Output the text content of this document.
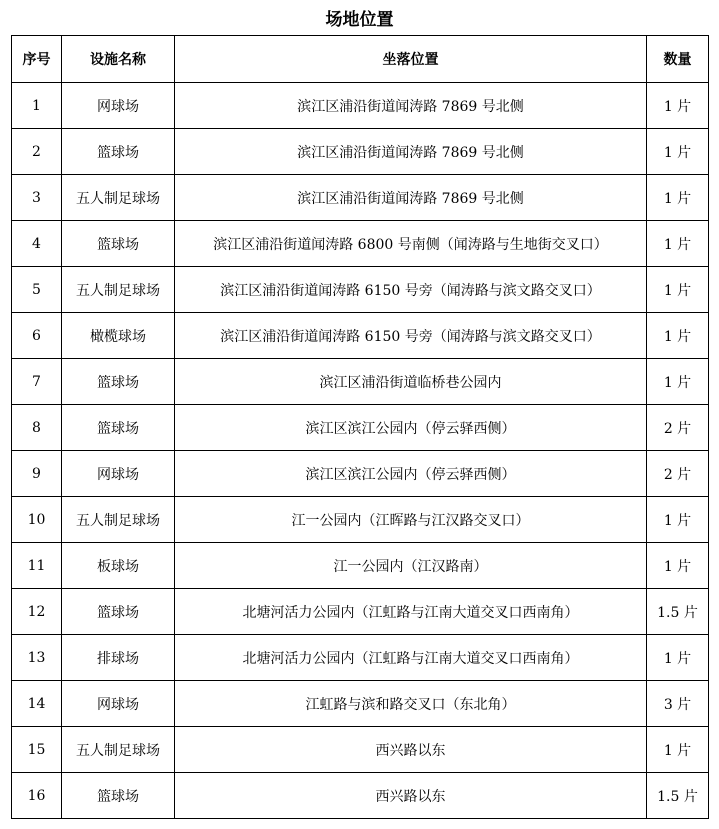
场地位置
序号	设施名称	坐落位置	数量
1	网球场	滨江区浦沿街道闻涛路 7869 号北侧	1 片
2	篮球场	滨江区浦沿街道闻涛路 7869 号北侧	1 片
3	五人制足球场	滨江区浦沿街道闻涛路 7869 号北侧	1 片
4	篮球场	滨江区浦沿街道闻涛路 6800 号南侧（闻涛路与生地街交叉口）	1 片
5	五人制足球场	滨江区浦沿街道闻涛路 6150 号旁（闻涛路与滨文路交叉口）	1 片
6	橄榄球场	滨江区浦沿街道闻涛路 6150 号旁（闻涛路与滨文路交叉口）	1 片
7	篮球场	滨江区浦沿街道临桥巷公园内	1 片
8	篮球场	滨江区滨江公园内（停云驿西侧）	2 片
9	网球场	滨江区滨江公园内（停云驿西侧）	2 片
10	五人制足球场	江一公园内（江晖路与江汉路交叉口）	1 片
11	板球场	江一公园内（江汉路南）	1 片
12	篮球场	北塘河活力公园内（江虹路与江南大道交叉口西南角）	1.5 片
13	排球场	北塘河活力公园内（江虹路与江南大道交叉口西南角）	1 片
14	网球场	江虹路与滨和路交叉口（东北角）	3 片
15	五人制足球场	西兴路以东	1 片
16	篮球场	西兴路以东	1.5 片
